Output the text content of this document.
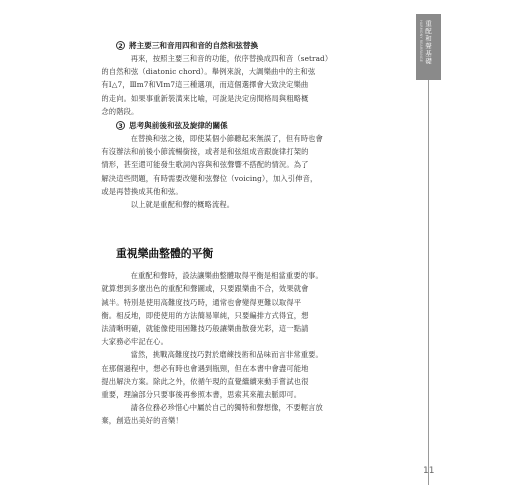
HARMONY REARRANGE 重配和聲基礎

2 將主要三和音用四和音的自然和弦替換

再來，按照主要三和音的功能，依序替換成四和音（setrad）
的自然和弦（diatonic chord）。舉例來說，大調樂曲中的主和弦
有I△7，Ⅲm7和Ⅵm7這三種選項，而這個選擇會大致決定樂曲
的走向。如果事重新裝潢來比喻，可說是決定房間格局與粗略概
念的階段。

3 思考與前後和弦及旋律的關係

在替換和弦之後，即使某個小節聽起來無誤了，但有時也會
有沒辦法和前後小節流暢銜接，或者是和弦組成音跟旋律打架的
情形，甚至還可能發生歌詞內容與和弦聲響不搭配的情況。為了
解決這些問題，有時需要改變和弦聲位（voicing），加入引伸音，
或是再替換成其他和弦。

以上就是重配和聲的概略流程。

重視樂曲整體的平衡

在重配和聲時，設法讓樂曲整體取得平衡是相當重要的事。
就算想到多麼出色的重配和聲圖或，只要跟樂曲不合，效果就會
減半。特別是使用高難度技巧時，通常也會變得更難以取得平
衡。相反地，即使使用的方法簡易單純，只要編排方式得宜，想
法清晰明確，就能像使用困難技巧般讓樂曲散發光彩，這一點請
大家務必牢記在心。

當然，挑戰高難度技巧對於磨練技術和品味而言非常重要。
在那個過程中，想必有時也會遇到瓶頸，但在本書中會盡可能地
提出解決方案。除此之外，依循午現的直覺繼續來動手嘗試也很
重要，理論部分只要事後再參照本書，思索其來龍去脈即可。

請各位務必珍惜心中屬於自己的獨特和聲想像，不要輕言放
棄，創造出美好的音樂！

11
